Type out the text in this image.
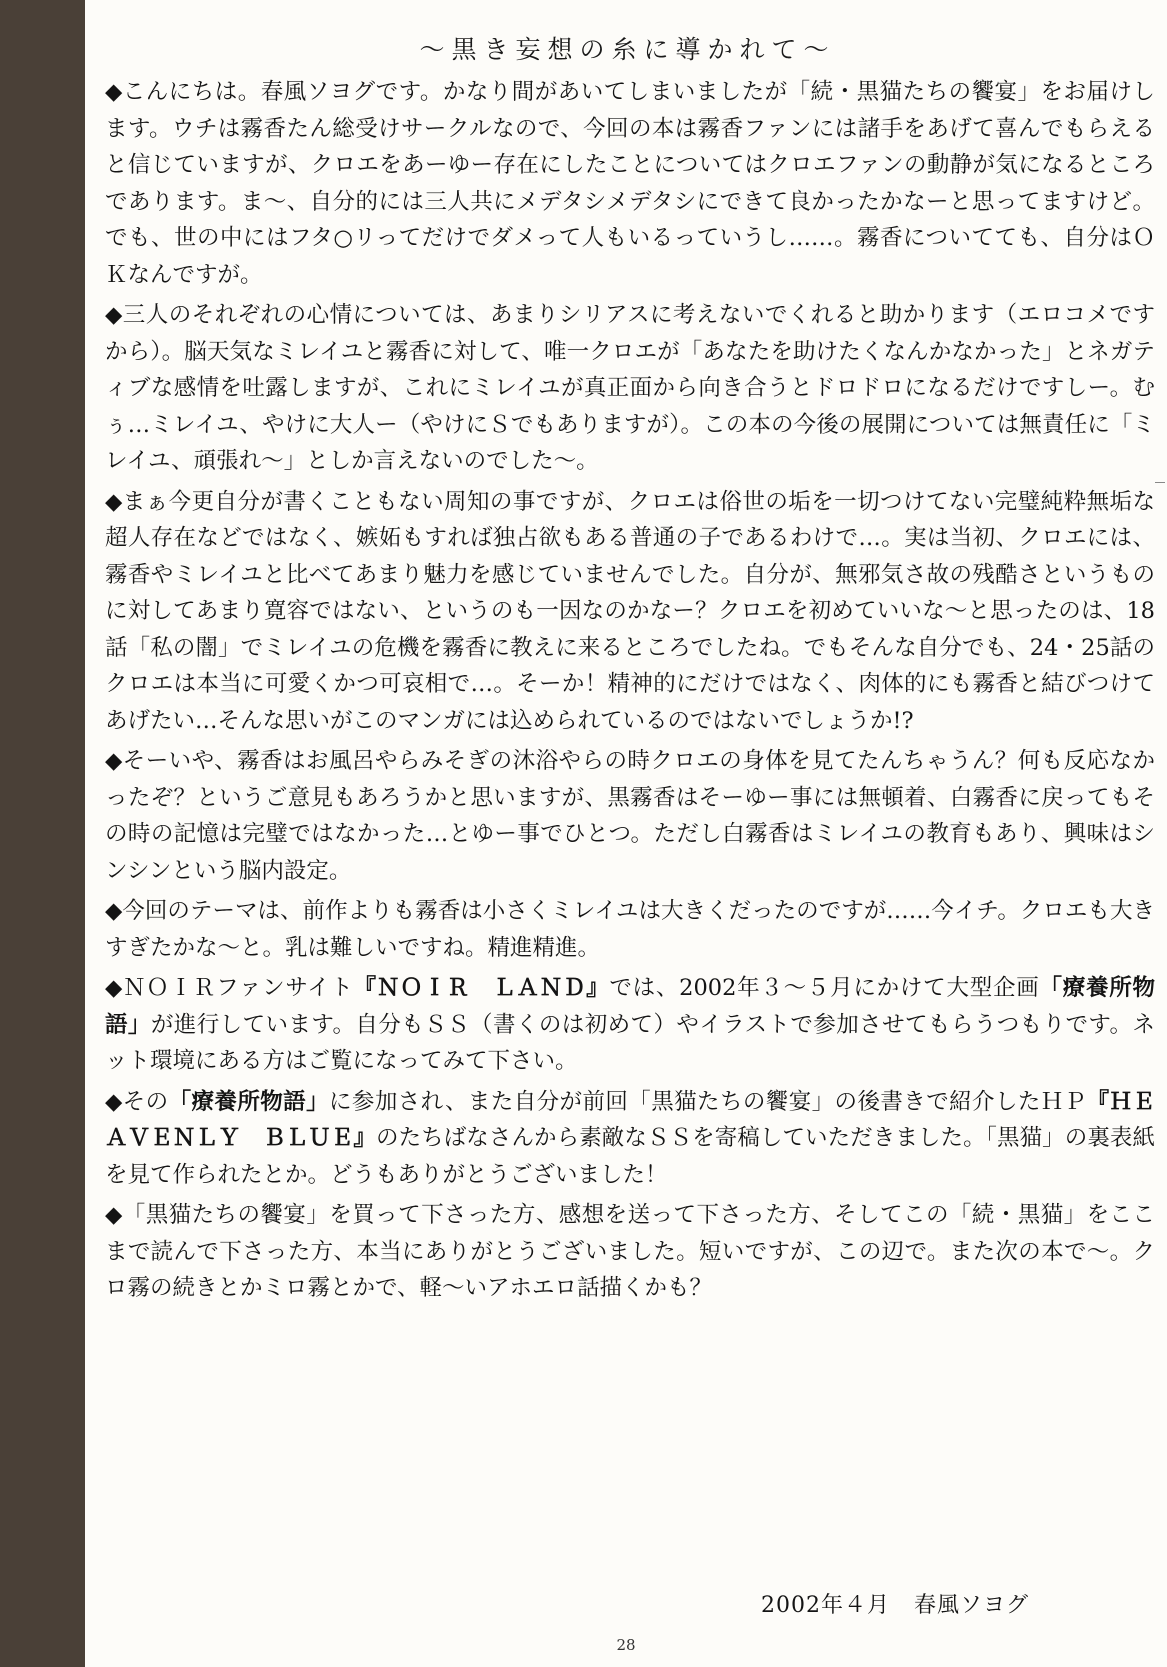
～黒き妄想の糸に導かれて～

◆こんにちは。春風ソヨグです。かなり間があいてしまいましたが「続・黒猫たちの饗宴」をお届けします。ウチは霧香たん総受けサークルなので、今回の本は霧香ファンには諸手をあげて喜んでもらえると信じていますが、クロエをあーゆー存在にしたことについてはクロエファンの動静が気になるところであります。ま〜、自分的には三人共にメデタシメデタシにできて良かったかなーと思ってますけど。でも、世の中にはフタ○リってだけでダメって人もいるっていうし……。霧香についてても、自分はＯＫなんですが。

◆三人のそれぞれの心情については、あまりシリアスに考えないでくれると助かります（エロコメですから）。脳天気なミレイユと霧香に対して、唯一クロエが「あなたを助けたくなんかなかった」とネガティブな感情を吐露しますが、これにミレイユが真正面から向き合うとドロドロになるだけですしー。むぅ…ミレイユ、やけに大人ー（やけにＳでもありますが）。この本の今後の展開については無責任に「ミレイユ、頑張れ〜」としか言えないのでした〜。

◆まぁ今更自分が書くこともない周知の事ですが、クロエは俗世の垢を一切つけてない完璧純粋無垢な超人存在などではなく、嫉妬もすれば独占欲もある普通の子であるわけで…。実は当初、クロエには、霧香やミレイユと比べてあまり魅力を感じていませんでした。自分が、無邪気さ故の残酷さというものに対してあまり寛容ではない、というのも一因なのかなー？クロエを初めていいな〜と思ったのは、18話「私の闇」でミレイユの危機を霧香に教えに来るところでしたね。でもそんな自分でも、24・25話のクロエは本当に可愛くかつ可哀相で…。そーか！精神的にだけではなく、肉体的にも霧香と結びつけてあげたい…そんな思いがこのマンガには込められているのではないでしょうか!?

◆そーいや、霧香はお風呂やらみそぎの沐浴やらの時クロエの身体を見てたんちゃうん？何も反応なかったぞ？というご意見もあろうかと思いますが、黒霧香はそーゆー事には無頓着、白霧香に戻ってもその時の記憶は完璧ではなかった…とゆー事でひとつ。ただし白霧香はミレイユの教育もあり、興味はシンシンという脳内設定。

◆今回のテーマは、前作よりも霧香は小さくミレイユは大きくだったのですが……今イチ。クロエも大きすぎたかな〜と。乳は難しいですね。精進精進。

◆ＮＯＩＲファンサイト『ＮＯＩＲ　ＬＡＮＤ』では、2002年３〜５月にかけて大型企画「療養所物語」が進行しています。自分もＳＳ（書くのは初めて）やイラストで参加させてもらうつもりです。ネット環境にある方はご覧になってみて下さい。

◆その「療養所物語」に参加され、また自分が前回「黒猫たちの饗宴」の後書きで紹介したＨＰ『ＨＥＡＶＥＮＬＹ　ＢＬＵＥ』のたちばなさんから素敵なＳＳを寄稿していただきました。「黒猫」の裏表紙を見て作られたとか。どうもありがとうございました！

◆「黒猫たちの饗宴」を買って下さった方、感想を送って下さった方、そしてこの「続・黒猫」をここまで読んで下さった方、本当にありがとうございました。短いですが、この辺で。また次の本で〜。クロ霧の続きとかミロ霧とかで、軽〜いアホエロ話描くかも？

2002年４月 春風ソヨグ
28
